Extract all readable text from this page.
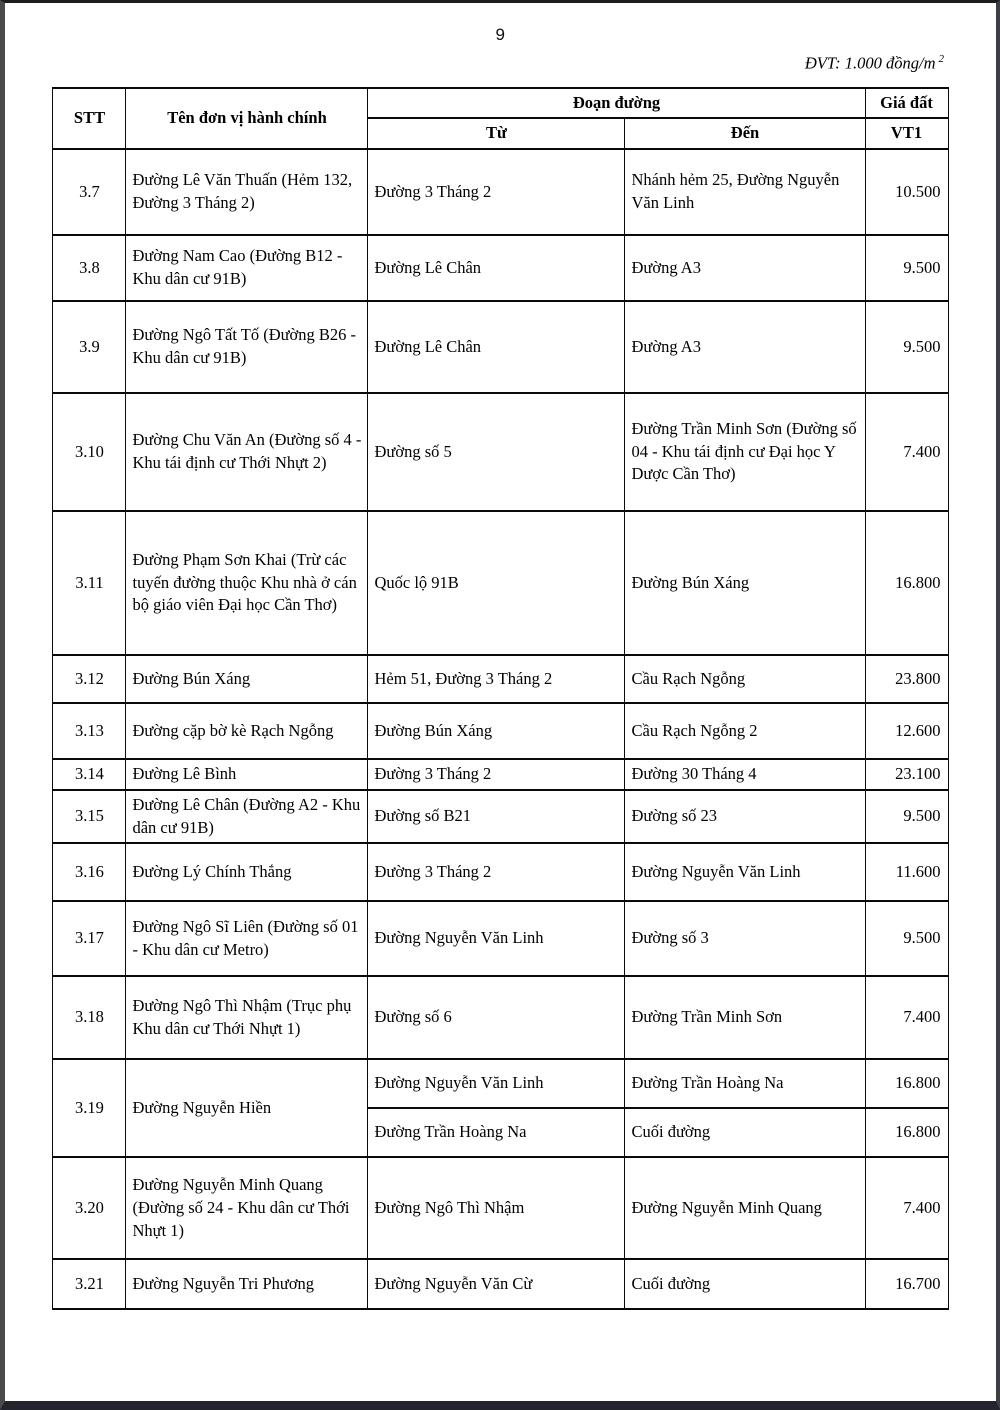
9
ĐVT: 1.000 đồng/m $^2$
STT	Tên đơn vị hành chính	Đoạn đường		Giá đất
		Từ	Đến	VT1
3.7	Đường Lê Văn Thuấn (Hẻm 132, Đường 3 Tháng 2)	Đường 3 Tháng 2	Nhánh hẻm 25, Đường Nguyễn Văn Linh	10.500
3.8	Đường Nam Cao (Đường B12 - Khu dân cư 91B)	Đường Lê Chân	Đường A3	9.500
3.9	Đường Ngô Tất Tố (Đường B26 - Khu dân cư 91B)	Đường Lê Chân	Đường A3	9.500
3.10	Đường Chu Văn An (Đường số 4 - Khu tái định cư Thới Nhựt 2)	Đường số 5	Đường Trần Minh Sơn (Đường số 04 - Khu tái định cư Đại học Y Dược Cần Thơ)	7.400
3.11	Đường Phạm Sơn Khai (Trừ các tuyến đường thuộc Khu nhà ở cán bộ giáo viên Đại học Cần Thơ)	Quốc lộ 91B	Đường Bún Xáng	16.800
3.12	Đường Bún Xáng	Hẻm 51, Đường 3 Tháng 2	Cầu Rạch Ngỗng	23.800
3.13	Đường cặp bờ kè Rạch Ngỗng	Đường Bún Xáng	Cầu Rạch Ngỗng 2	12.600
3.14	Đường Lê Bình	Đường 3 Tháng 2	Đường 30 Tháng 4	23.100
3.15	Đường Lê Chân (Đường A2 - Khu dân cư 91B)	Đường số B21	Đường số 23	9.500
3.16	Đường Lý Chính Thắng	Đường 3 Tháng 2	Đường Nguyễn Văn Linh	11.600
3.17	Đường Ngô Sĩ Liên (Đường số 01 - Khu dân cư Metro)	Đường Nguyễn Văn Linh	Đường số 3	9.500
3.18	Đường Ngô Thì Nhậm (Trục phụ Khu dân cư Thới Nhựt 1)	Đường số 6	Đường Trần Minh Sơn	7.400
3.19	Đường Nguyễn Hiền	Đường Nguyễn Văn Linh	Đường Trần Hoàng Na	16.800
		Đường Trần Hoàng Na	Cuối đường	16.800
3.20	Đường Nguyễn Minh Quang (Đường số 24 - Khu dân cư Thới Nhựt 1)	Đường Ngô Thì Nhậm	Đường Nguyễn Minh Quang	7.400
3.21	Đường Nguyễn Tri Phương	Đường Nguyễn Văn Cừ	Cuối đường	16.700
